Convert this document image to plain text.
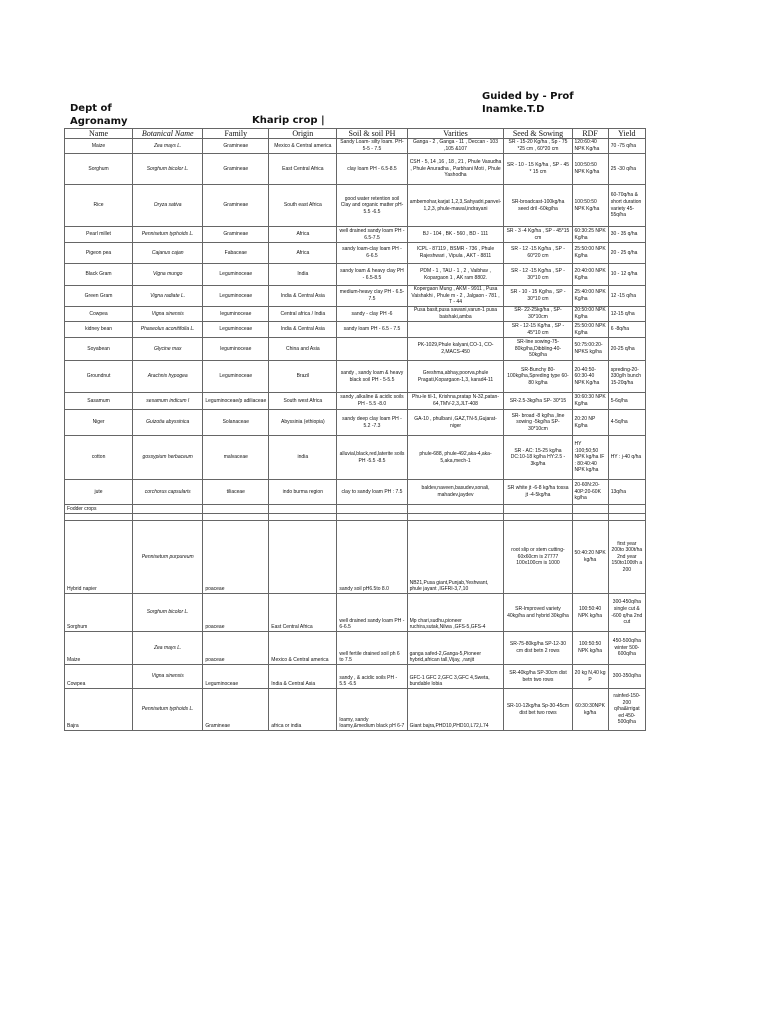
Guided by - Prof Inamke.T.D
Dept of Agronamy	Kharip crop |
Name	Botanical Name	Family	Origin	Soil & soil PH	Varities	Seed & Sowing	RDF	Yield
Maize	Zea mays L.	Gramineae	Mexico & Central america	Sandy Loam- silty loam. PH-5-5 - 7.5	Ganga - 2 , Ganga - 11 , Deccan - 103 ,105 &107	SR - 15-20 Kg/ha , Sp - 75 *25 cm , 60*20 cm	120:60:40 NPK Kg/ha	70 -75 q/ha
Sorghum	Sorghum bicolor L.	Gramineae	East Central Africa	clay loam PH - 6.5-8.5	CSH - 5, 14 ,16 , 18 , 21 , Phule Vasudha , Phule Anuradha , Parbhani Moti , Phule Yashodha	SR - 10 - 15 Kg/ha , SP - 45 * 15 cm	100:50:50 NPK Kg/ha	25 -30 q/ha
Rice	Oryza sativa	Gramineae	South east Africa	good water retention soil Clay and organic matter pH-5.5 -6.5	ambemohar,karjat 1,2,3,Sahyadri,panvel-1,2,3, phule-mawal,indrayani	SR-broadcast-100kg/ha seed dril -60kg/ha	100:50:50 NPK Kg/ha	60-70q/ha & short duration variety 45-55q/ha
Pearl millet	Pennisetum typhoids L.	Gramineae	Africa	well drained sandy loam PH - 6.5-7.5	BJ - 104 , BK - 560 , BD - 111	SR - 3 -4 Kg/ha , SP - 45*15 cm	60:30:25 NPK Kg/ha	30 - 35 q/ha
Pigeon pea	Cajanus cajan	Fabaceae	Africa	sandy loam-clay loam PH - 6-6.5	ICPL - 87119 , BSMR - 736 , Phule Rajeshwari , Vipula , AKT - 8811	SR - 12 -15 Kg/ha , SP - 60*20 cm	25:50:00 NPK Kg/ha	20 - 25 q/ha
Black Gram	Vigna mungo	Leguminoceae	India	sandy loam & heavy clay PH - 6.5-8.5	PDM - 1 , TAU - 1 , 2 , Vaibhav , Kopargaon 1 , AK ram 8802.	SR - 12 -15 Kg/ha , SP - 30*10 cm	20:40:00 NPK Kg/ha	10 - 12 q/ha
Green Gram	Vigna radiate L.	Leguminoceae	India & Central Asia	medium-heavy clay PH - 6.5-7.5	Kopergaon Mung , AKM - 9911 , Pusa Vaishakhi , Phule m - 2 , Jalgaon - 781 , T - 44	SR - 10 - 15 Kg/ha , SP - 30*10 cm	25:40:00 NPK Kg/ha	12 -15 q/ha
Cowpea	Vigna sinensis	leguminoceae	Central africa / India	sandy - clay PH -6	Pusa basit,pusa sawani,varun-1 pusa baishaki,amba	SR- 22-25kg/ha , SP- 30*10cm	20:50:00 NPK Kg/ha	12-15 q/ha
kidney bean	Phaseolus aconitifolia L.	Leguminoceae	India & Central Asia	sandy loam PH - 6.5 - 7.5		SR - 12-15 Kg/ha , SP - 45*10 cm	25:50:00 NPK Kg/ha	6 -8q/ha
Soyabean	Glycine max	leguminoceae	China and Asia		PK-1029,Phule kalyani,CO-1, CO-2,MACS-450	SR-line sowing-75-80kg/ha,Dibbling-40-50kg/ha	50:75:00:20- NPKS kg/ha	20-25 q/ha
Groundnut	Arachnis hypogea	Leguminoceae	Brazil	sandy , sandy loam & heavy black soil PH - 5-5.5	Greshma,abhay,poorva,phule Pragati,Kopargaon-1,3, karad4-11	SR-Bunchy 80-100kg/ha,Spreding type 60-80 kg/ha	20-40:50-60:30-40 NPK Kg/ha	spreding-20-330g/h bunch 15-20q/ha
Sasamum	sesamum indicum l	Leguminoceae/p adiliaceae	South west Africa	sandy ,alkaline & acidic soils PH - 5.5 -8.0	Phu-le til-1, Krishna,pratap N-32,patan-64,TMV-2,3,JLT-408	SR-2.5-3kg/ha SP- 30*15	30:60:30 NPK Kg/ha	5-6q/ha
Niger	Guizotia abyssinica	Solanaceae	Abyssinia (ethiopia)	sandy deep clay loam PH - 5.2 -7.3	GA-10 , phulbani ,GAZ,TN-5,Gujarat-niger	SR- broad -8 kg/ha ,line sowing -5kg/ha SP- 30*10cm	20:20 NP Kg/ha	4-5q/ha
cotton	gossypium herbaceum	malvaceae	india	alluvial,black,red,laterite soils PH -5.5 -8.5	phule-688, phule-492,aka-4,aka-5,aka,mech-1	SR - AC: 15-25 kg/ha DC:10-18 kg/ha HY:2.5 - 3kg/ha	HY :100;50;50 NPK kg/ha IF : 80:40:40 NPK kg/ha	HY : j-40 q/ha
jute	corchorus capsularis	tiliaceae	indo burma region	clay to sandy loam PH : 7.5	baldev,naveen,basudev,sonali, mahadev,jaydev	SR white jt -6-8 kg/ha tossa jt -4-5kg/ha	20-60N:20-40P:20-60K kg/ha	13q/ha
Fodder crops								

Hybrid napier	Pennisetum purpureum	poaceae		sandy soil pH6.5to 8.0	NB21,Pusa giant,Punjab,Yeshwant, phule jayant ,IGFRI-3,7,10	root slip or stem cutting- 60x60cm is 27777 100x100cm is 1000	50:40:20 NPK kg/ha	first year 200to 300t/ha 2nd year 150to100t/h a 200
Sorghum	Sorghum bicolor L.	poaceae	East Central Africa	well drained sandy loam PH - 6-6.5	Mp chari,sudhu,pioneer ruchira,sutak,Nilwa ,GFS-5,GFS-4	SR-Improved variety 40kg/ha and hybrid 30kg/ha	100:50:40 NPK kg/ha	300-450q/ha single cut & -600 q/ha 2nd cut
Maize	Zea mays L.	poaceae	Mexico & Central america	well fertile drained soil ph 6 to 7.5	ganga safed-2,Ganga-5,Pioneer hybrid,african tall,Vijay, ,ranjit	SR-75-80kg/ha SP-12-30 cm dist betn 2 rows	100:50:50 NPK kg/ha	450-500q/ha winter 500-600q/ha
Cowpea	Vigna sinensis	Leguminoceae	India & Central Asia	sandy , & acidic soils PH - 5.5 -6.5	GFC-1 GFC 2,GFC 3,GFC 4,Sweta, bundable lobia	SR-40kg/ha SP-30cm dist betn two rows	20 kg N,40 kg P	300-350q/ha
Bajra	Pennisetum typhoids L.	Gramineae	africa or india	loamy, sandy loamy,&medium black pH 6-7	Giant bajra,PHD10,PHD10,L72,L74	SR-10-12kg/ha Sp-30-45cm dist bet two rows	60:30:30NPK kg/ha	rainfed-150-200 q/ha&irrigat ed 450-500q/ha
